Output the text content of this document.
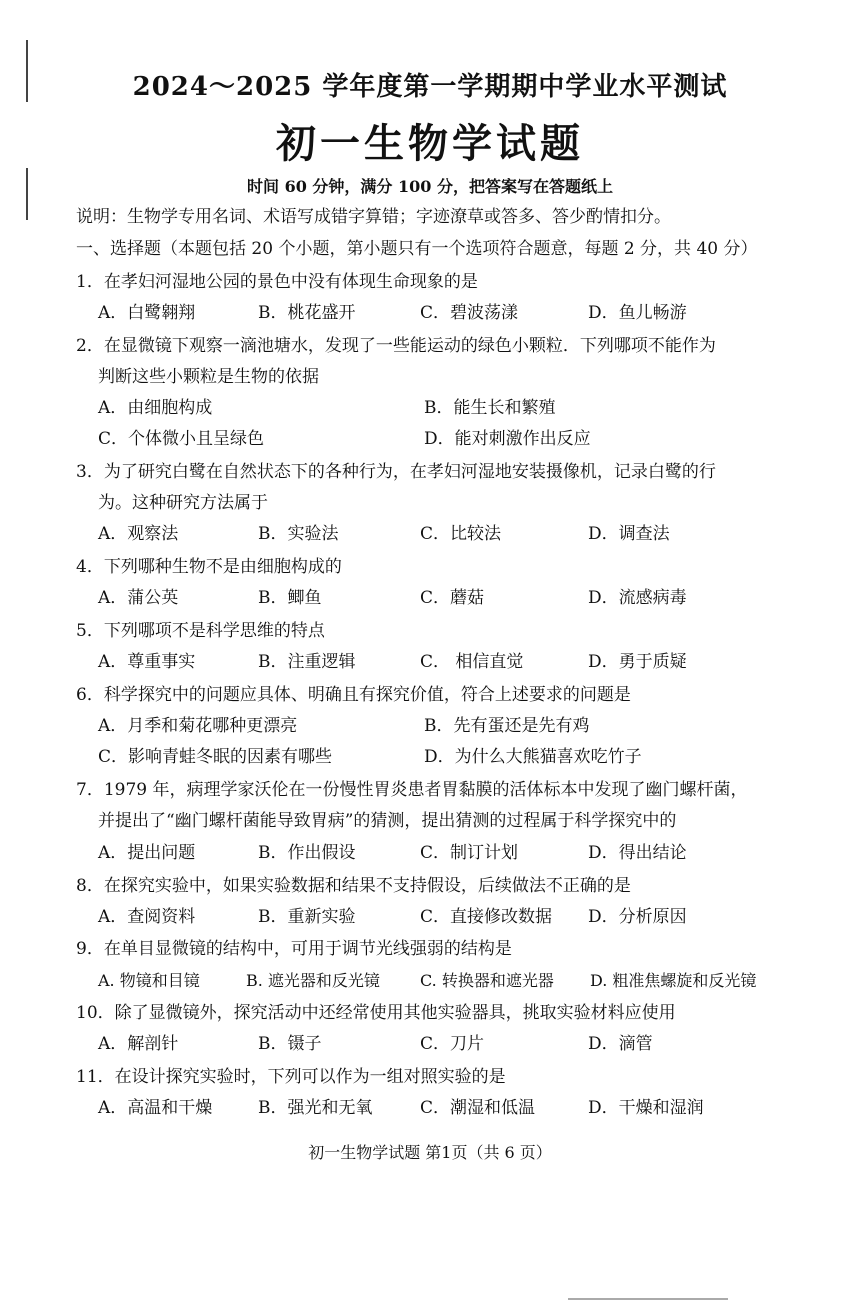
2024～2025 学年度第一学期期中学业水平测试
初一生物学试题
时间 60 分钟，满分 100 分，把答案写在答题纸上
说明：生物学专用名词、术语写成错字算错；字迹潦草或答多、答少酌情扣分。
一、选择题（本题包括 20 个小题，第小题只有一个选项符合题意，每题 2 分，共 40 分）
1．在孝妇河湿地公园的景色中没有体现生命现象的是
A．白鹭翱翔	B．桃花盛开	C．碧波荡漾	D．鱼儿畅游
2．在显微镜下观察一滴池塘水，发现了一些能运动的绿色小颗粒．下列哪项不能作为
判断这些小颗粒是生物的依据
A．由细胞构成	B．能生长和繁殖
C．个体微小且呈绿色	D．能对刺激作出反应
3．为了研究白鹭在自然状态下的各种行为，在孝妇河湿地安装摄像机，记录白鹭的行
为。这种研究方法属于
A．观察法	B．实验法	C．比较法	D．调查法
4．下列哪种生物不是由细胞构成的
A．蒲公英	B．鲫鱼	C．蘑菇	D．流感病毒
5．下列哪项不是科学思维的特点
A．尊重事实	B．注重逻辑	C． 相信直觉	D．勇于质疑
6．科学探究中的问题应具体、明确且有探究价值，符合上述要求的问题是
A．月季和菊花哪种更漂亮	B．先有蛋还是先有鸡
C．影响青蛙冬眠的因素有哪些	D．为什么大熊猫喜欢吃竹子
7．1979 年，病理学家沃伦在一份慢性胃炎患者胃黏膜的活体标本中发现了幽门螺杆菌，
并提出了“幽门螺杆菌能导致胃病”的猜测，提出猜测的过程属于科学探究中的
A．提出问题	B．作出假设	C．制订计划	D．得出结论
8．在探究实验中，如果实验数据和结果不支持假设，后续做法不正确的是
A．查阅资料	B．重新实验	C．直接修改数据 D．分析原因
9．在单目显微镜的结构中，可用于调节光线强弱的结构是
A. 物镜和目镜	B. 遮光器和反光镜	C. 转换器和遮光器 D. 粗准焦螺旋和反光镜
10．除了显微镜外，探究活动中还经常使用其他实验器具，挑取实验材料应使用
A．解剖针	B．镊子	C．刀片	D．滴管
11．在设计探究实验时，下列可以作为一组对照实验的是
A．高温和干燥	B．强光和无氧	C．潮湿和低温	D．干燥和湿润
初一生物学试题 第1页（共 6 页）
